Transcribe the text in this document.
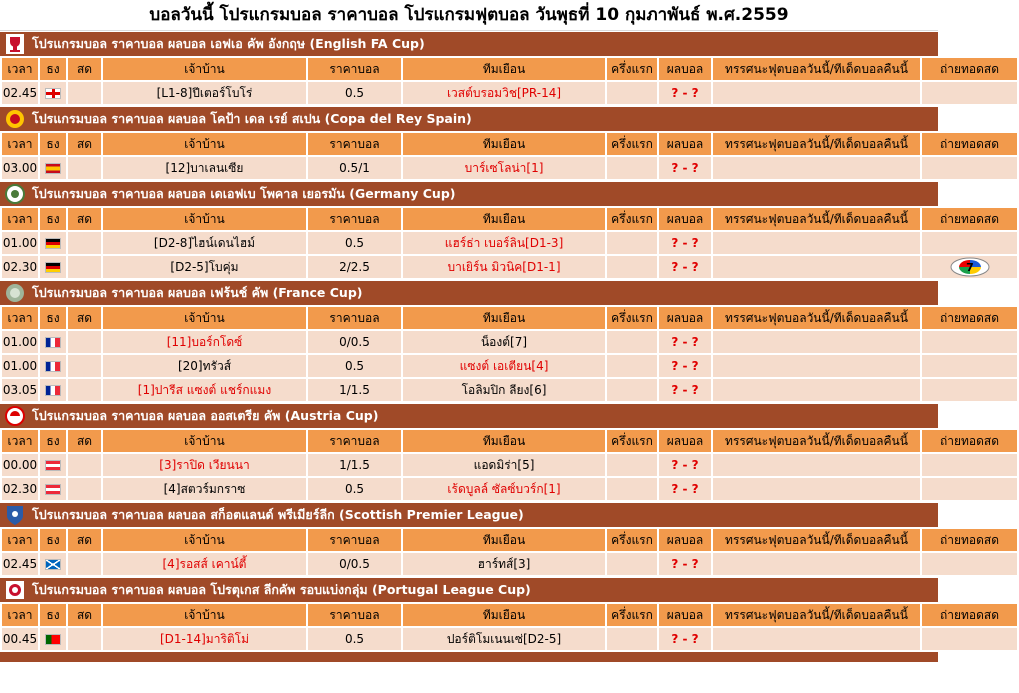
บอลวันนี้ โปรแกรมบอล ราคาบอล โปรแกรมฟุตบอล วันพุธที่ 10 กุมภาพันธ์ พ.ศ.2559
โปรแกรมบอล ราคาบอล ผลบอล เอฟเอ คัพ อังกฤษ (English FA Cup)
เวลา	ธง	สด	เจ้าบ้าน	ราคาบอล	ทีมเยือน	ครึ่งแรก	ผลบอล	ทรรศนะฟุตบอลวันนี้/ทีเด็ดบอลคืนนี้	ถ่ายทอดสด
02.45			[L1-8]ปีเตอร์โบโร่	0.5	เวสต์บรอมวิช[PR-14]		? - ?		
โปรแกรมบอล ราคาบอล ผลบอล โคป้า เดล เรย์ สเปน (Copa del Rey Spain)
เวลา	ธง	สด	เจ้าบ้าน	ราคาบอล	ทีมเยือน	ครึ่งแรก	ผลบอล	ทรรศนะฟุตบอลวันนี้/ทีเด็ดบอลคืนนี้	ถ่ายทอดสด
03.00			[12]บาเลนเซีย	0.5/1	บาร์เซโลน่า[1]		? - ?		
โปรแกรมบอล ราคาบอล ผลบอล เดเอฟเบ โพคาล เยอรมัน (Germany Cup)
เวลา	ธง	สด	เจ้าบ้าน	ราคาบอล	ทีมเยือน	ครึ่งแรก	ผลบอล	ทรรศนะฟุตบอลวันนี้/ทีเด็ดบอลคืนนี้	ถ่ายทอดสด
01.00			[D2-8]ไฮน์เดนไฮม์	0.5	แฮร์ธ่า เบอร์ลิน[D1-3]		? - ?		
02.30			[D2-5]โบคุ่ม	2/2.5	บาเยิร์น มิวนิค[D1-1]		? - ?		7
โปรแกรมบอล ราคาบอล ผลบอล เฟร้นช์ คัพ (France Cup)
เวลา	ธง	สด	เจ้าบ้าน	ราคาบอล	ทีมเยือน	ครึ่งแรก	ผลบอล	ทรรศนะฟุตบอลวันนี้/ทีเด็ดบอลคืนนี้	ถ่ายทอดสด
01.00			[11]บอร์กโดซ์	0/0.5	น็องต์[7]		? - ?		
01.00			[20]ทรัวส์	0.5	แซงต์ เอเตียน[4]		? - ?		
03.05			[1]ปารีส แซงต์ แชร์กแมง	1/1.5	โอลิมปิก ลียง[6]		? - ?		
โปรแกรมบอล ราคาบอล ผลบอล ออสเตรีย คัพ (Austria Cup)
เวลา	ธง	สด	เจ้าบ้าน	ราคาบอล	ทีมเยือน	ครึ่งแรก	ผลบอล	ทรรศนะฟุตบอลวันนี้/ทีเด็ดบอลคืนนี้	ถ่ายทอดสด
00.00			[3]ราปิด เวียนนา	1/1.5	แอดมิร่า[5]		? - ?		
02.30			[4]สตวร์มกราซ	0.5	เร้ดบูลล์ ซัลซ์บวร์ก[1]		? - ?		
โปรแกรมบอล ราคาบอล ผลบอล สก็อตแลนด์ พรีเมียร์ลีก (Scottish Premier League)
เวลา	ธง	สด	เจ้าบ้าน	ราคาบอล	ทีมเยือน	ครึ่งแรก	ผลบอล	ทรรศนะฟุตบอลวันนี้/ทีเด็ดบอลคืนนี้	ถ่ายทอดสด
02.45			[4]รอสส์ เคาน์ตี้	0/0.5	ฮาร์ทส์[3]		? - ?		
โปรแกรมบอล ราคาบอล ผลบอล โปรตุเกส ลีกคัพ รอบแบ่งกลุ่ม (Portugal League Cup)
เวลา	ธง	สด	เจ้าบ้าน	ราคาบอล	ทีมเยือน	ครึ่งแรก	ผลบอล	ทรรศนะฟุตบอลวันนี้/ทีเด็ดบอลคืนนี้	ถ่ายทอดสด
00.45			[D1-14]มาริติโม่	0.5	ปอร์ติโมเนนเซ่[D2-5]		? - ?		
